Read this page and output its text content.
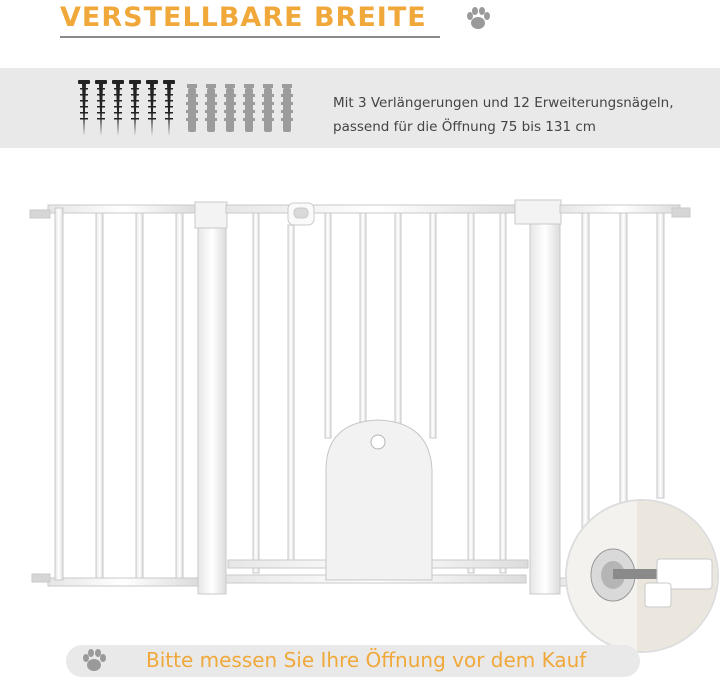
VERSTELLBARE BREITE
Mit 3 Verlängerungen und 12 Erweiterungsnägeln,
passend für die Öffnung 75 bis 131 cm
Bitte messen Sie Ihre Öffnung vor dem Kauf
